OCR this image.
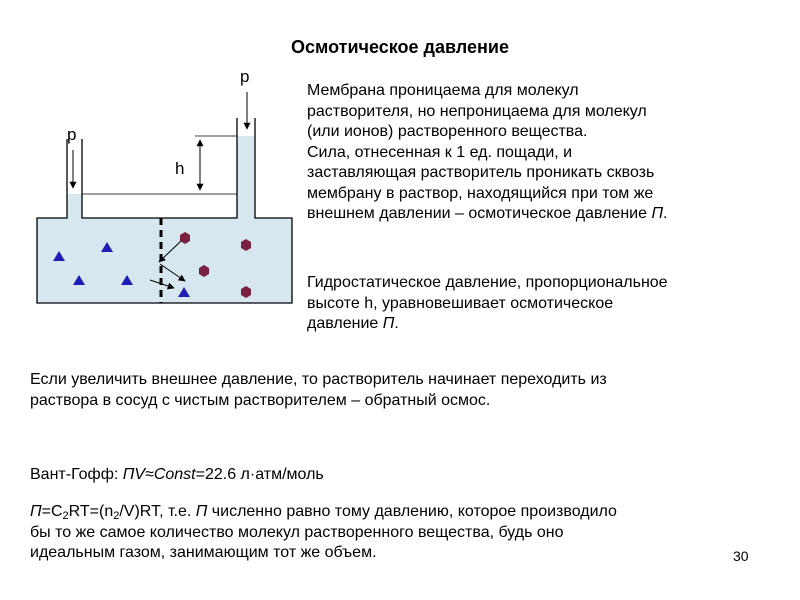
Осмотическое давление
h
p
p
Мембрана проницаема для молекул
растворителя, но непроницаема для молекул
(или ионов) растворенного вещества.
Сила, отнесенная к 1 ед. пощади, и
заставляющая растворитель проникать сквозь
мембрану в раствор, находящийся при том же
внешнем давлении – осмотическое давление П.
Гидростатическое давление, пропорциональное
высоте h, уравновешивает осмотическое
давление П.
Если увеличить внешнее давление, то растворитель начинает переходить из
раствора в сосуд с чистым растворителем – обратный осмос.
Вант-Гофф: ПV≈Const=22.6 л·атм/моль
$П=C_2RT=(n_2/V)RT$, т.е. П численно равно тому давлению, которое производило
бы то же самое количество молекул растворенного вещества, будь оно
идеальным газом, занимающим тот же объем.	30
